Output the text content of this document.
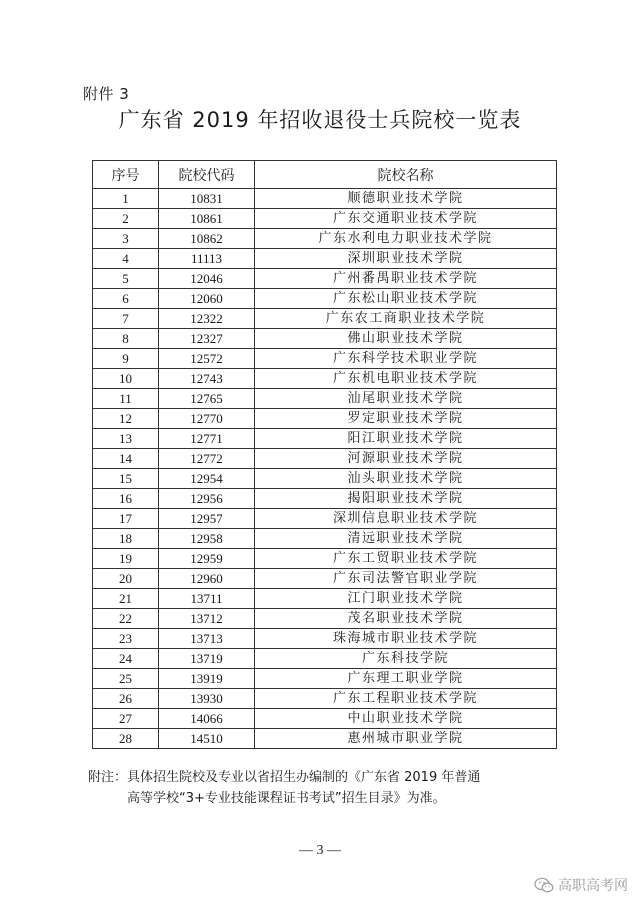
附件 3
广东省 2019 年招收退役士兵院校一览表
序号	院校代码	院校名称
1	10831	顺德职业技术学院
2	10861	广东交通职业技术学院
3	10862	广东水利电力职业技术学院
4	11113	深圳职业技术学院
5	12046	广州番禺职业技术学院
6	12060	广东松山职业技术学院
7	12322	广东农工商职业技术学院
8	12327	佛山职业技术学院
9	12572	广东科学技术职业学院
10	12743	广东机电职业技术学院
11	12765	汕尾职业技术学院
12	12770	罗定职业技术学院
13	12771	阳江职业技术学院
14	12772	河源职业技术学院
15	12954	汕头职业技术学院
16	12956	揭阳职业技术学院
17	12957	深圳信息职业技术学院
18	12958	清远职业技术学院
19	12959	广东工贸职业技术学院
20	12960	广东司法警官职业学院
21	13711	江门职业技术学院
22	13712	茂名职业技术学院
23	13713	珠海城市职业技术学院
24	13719	广东科技学院
25	13919	广东理工职业学院
26	13930	广东工程职业技术学院
27	14066	中山职业技术学院
28	14510	惠州城市职业学院
附注：具体招生院校及专业以省招生办编制的《广东省 2019 年普通
高等学校“3+专业技能课程证书考试”招生目录》为准。
— 3 —
高职高考网
